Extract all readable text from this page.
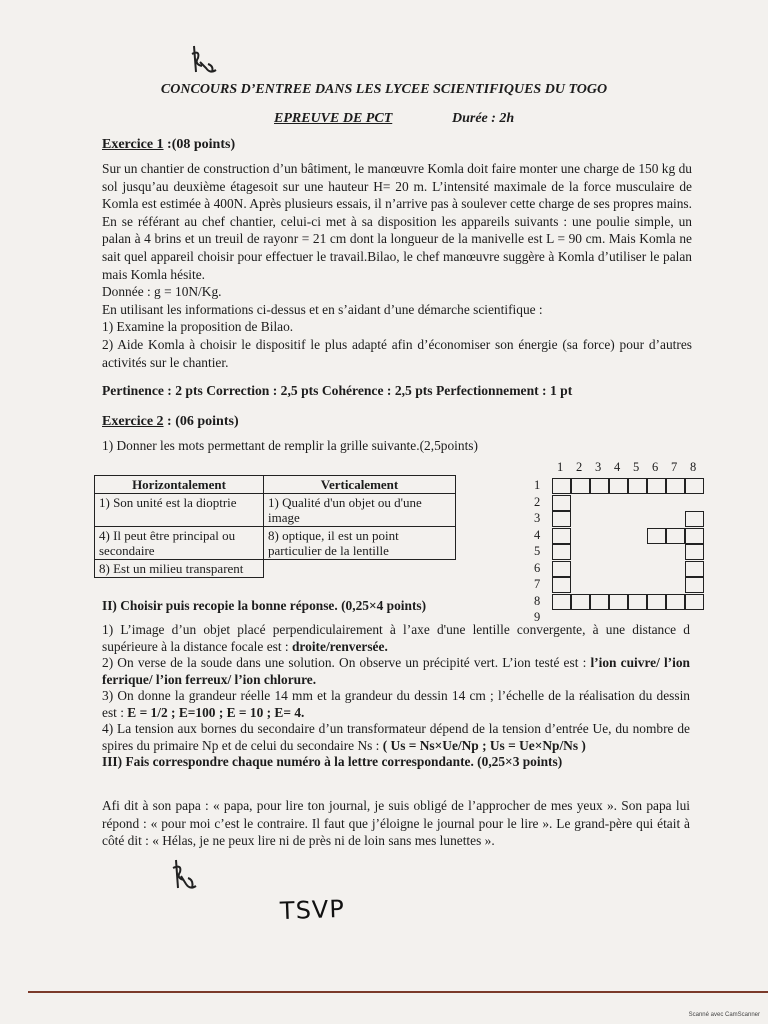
CONCOURS D’ENTREE DANS LES LYCEE SCIENTIFIQUES DU TOGO
EPREUVE DE PCT	Durée : 2h
Exercice 1 :(08 points)

Sur un chantier de construction d’un bâtiment, le manœuvre Komla doit faire monter une charge de 150 kg du sol jusqu’au deuxième étagesoit sur une hauteur H= 20 m. L’intensité maximale de la force musculaire de Komla est estimée à 400N. Après plusieurs essais, il n’arrive pas à soulever cette charge de ses propres mains. En se référant au chef chantier, celui-ci met à sa disposition les appareils suivants : une poulie simple, un palan à 4 brins et un treuil de rayonr = 21 cm dont la longueur de la manivelle est L = 90 cm. Mais Komla ne sait quel appareil choisir pour effectuer le travail.Bilao, le chef manœuvre suggère à Komla d’utiliser le palan mais Komla hésite.

Donnée : g = 10N/Kg.

En utilisant les informations ci-dessus et en s’aidant d’une démarche scientifique :

1) Examine la proposition de Bilao.

2) Aide Komla à choisir le dispositif le plus adapté afin d’économiser son énergie (sa force) pour d’autres activités sur le chantier.

Pertinence : 2 pts Correction : 2,5 pts Cohérence : 2,5 pts Perfectionnement : 1 pt
Exercice 2 : (06 points)
1) Donner les mots permettant de remplir la grille suivante.(2,5points)
Horizontalement	Verticalement
1) Son unité est la dioptrie	1) Qualité d'un objet ou d'une image
4) Il peut être principal ou secondaire	8) optique, il est un point particulier de la lentille
8) Est un milieu transparent	
1 2 3 4 5 6 7 8
1
2
3
4
5
6
7
8
9
II) Choisir puis recopie la bonne réponse. (0,25×4 points)
1) L’image d’un objet placé perpendiculairement à l’axe d'une lentille convergente, à une distance d supérieure à la distance focale est : droite/renversée.
2) On verse de la soude dans une solution. On observe un précipité vert. L’ion testé est : l’ion cuivre/ l’ion ferrique/ l’ion ferreux/ l’ion chlorure.
3) On donne la grandeur réelle 14 mm et la grandeur du dessin 14 cm ; l’échelle de la réalisation du dessin est : E = 1/2 ; E=100 ; E = 10 ; E= 4.
4) La tension aux bornes du secondaire d’un transformateur dépend de la tension d’entrée Ue, du nombre de spires du primaire Np et de celui du secondaire Ns : ( Us = Ns×Ue/Np ; Us = Ue×Np/Ns )
III) Fais correspondre chaque numéro à la lettre correspondante. (0,25×3 points)

Afi dit à son papa : « papa, pour lire ton journal, je suis obligé de l’approcher de mes yeux ». Son papa lui répond : « pour moi c’est le contraire. Il faut que j’éloigne le journal pour le lire ». Le grand-père qui était à côté dit : « Hélas, je ne peux lire ni de près ni de loin sans mes lunettes ».

TSVP
Scanné avec CamScanner
